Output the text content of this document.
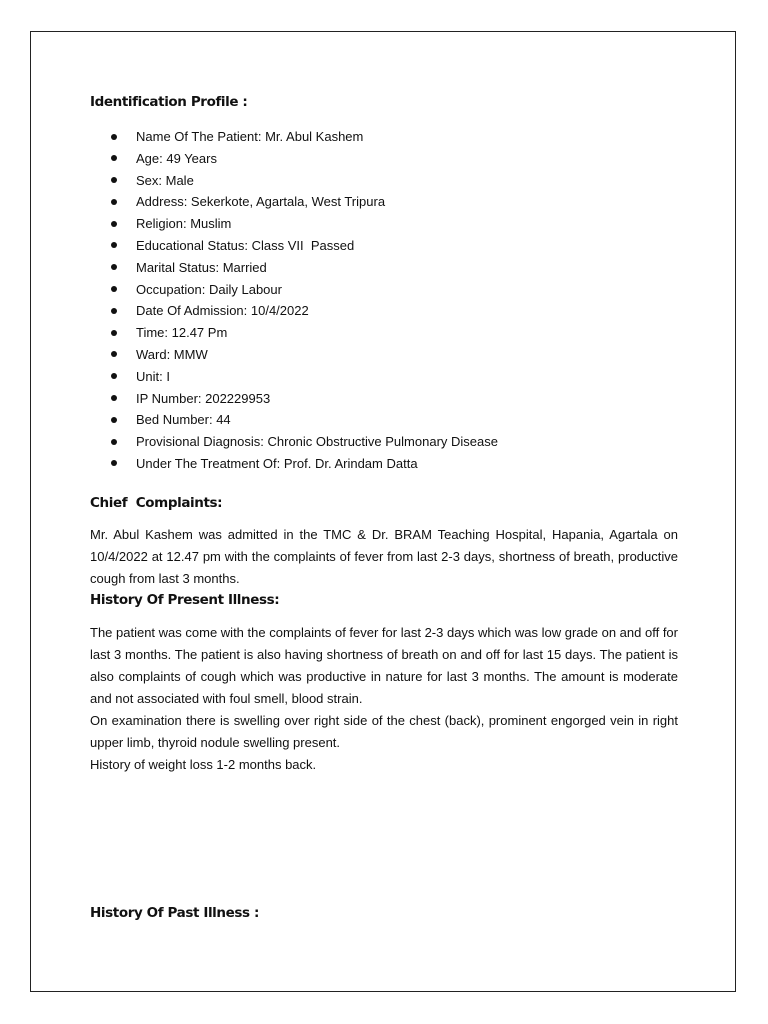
Identification Profile :
Name Of The Patient: Mr. Abul Kashem
Age: 49 Years
Sex: Male
Address: Sekerkote, Agartala, West Tripura
Religion: Muslim
Educational Status: Class VII  Passed
Marital Status: Married
Occupation: Daily Labour
Date Of Admission: 10/4/2022
Time: 12.47 Pm
Ward: MMW
Unit: I
IP Number: 202229953
Bed Number: 44
Provisional Diagnosis: Chronic Obstructive Pulmonary Disease
Under The Treatment Of: Prof. Dr. Arindam Datta
Chief  Complaints:

Mr. Abul Kashem was admitted in the TMC & Dr. BRAM Teaching Hospital, Hapania, Agartala on 10/4/2022 at 12.47 pm with the complaints of fever from last 2-3 days, shortness of breath, productive cough from last 3 months.

History Of Present Illness:

The patient was come with the complaints of fever for last 2-3 days which was low grade on and off for last 3 months. The patient is also having shortness of breath on and off for last 15 days. The patient is also complaints of cough which was productive in nature for last 3 months. The amount is moderate and not associated with foul smell, blood strain.

On examination there is swelling over right side of the chest (back), prominent engorged vein in right upper limb, thyroid nodule swelling present.

History of weight loss 1-2 months back.

History Of Past Illness :
